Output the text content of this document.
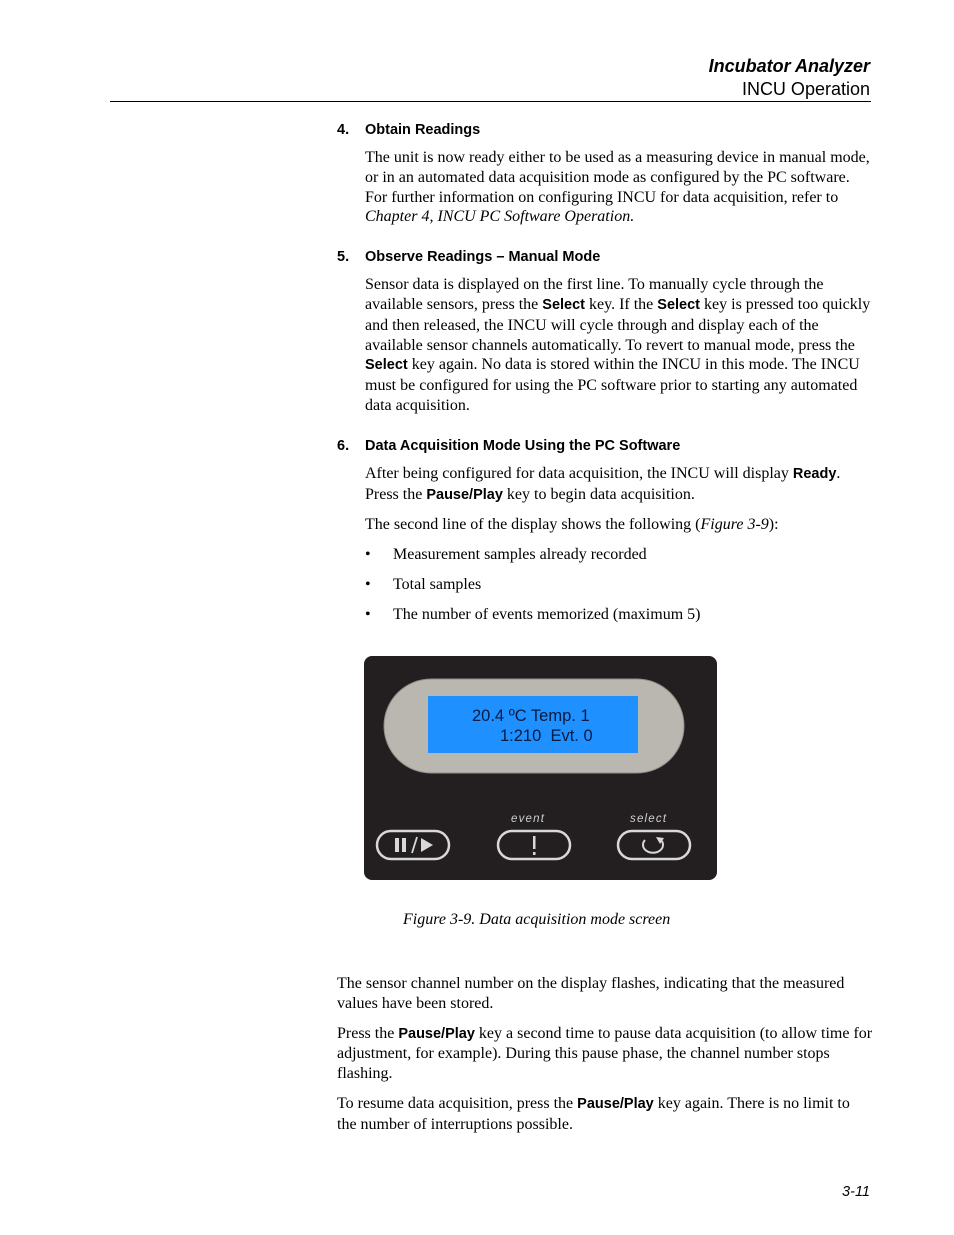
Incubator Analyzer
INCU Operation
4.	Obtain Readings

The unit is now ready either to be used as a measuring device in manual mode, or in an automated data acquisition mode as configured by the PC software. For further information on configuring INCU for data acquisition, refer to Chapter 4, INCU PC Software Operation.

5.	Observe Readings – Manual Mode

Sensor data is displayed on the first line. To manually cycle through the available sensors, press the Select key. If the Select key is pressed too quickly and then released, the INCU will cycle through and display each of the available sensor channels automatically. To revert to manual mode, press the Select key again. No data is stored within the INCU in this mode. The INCU must be configured for using the PC software prior to starting any automated data acquisition.

6.	Data Acquisition Mode Using the PC Software

After being configured for data acquisition, the INCU will display Ready. Press the Pause/Play key to begin data acquisition.

The second line of the display shows the following (Figure 3-9):

•	Measurement samples already recorded
•	Total samples
•	The number of events memorized (maximum 5)
20.4 ºC Temp. 1
1:210  Evt. 0
event	select
Figure 3-9. Data acquisition mode screen

The sensor channel number on the display flashes, indicating that the measured values have been stored.

Press the Pause/Play key a second time to pause data acquisition (to allow time for adjustment, for example). During this pause phase, the channel number stops flashing.

To resume data acquisition, press the Pause/Play key again. There is no limit to the number of interruptions possible.

3-11
